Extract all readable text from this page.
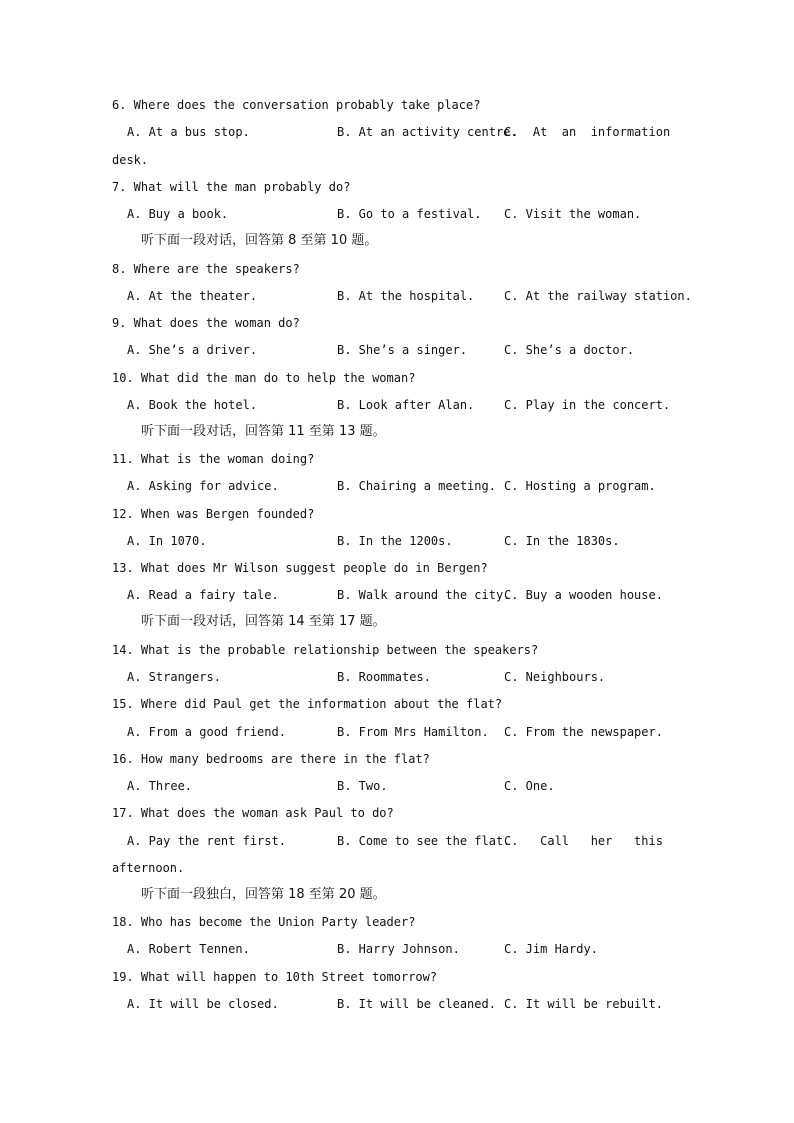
6. Where does the conversation probably take place?
A. At a bus stop.	B. At an activity centre.
C.  At  an  information
desk.
7. What will the man probably do?
A. Buy a book.	B. Go to a festival. C. Visit the woman.
听下面一段对话，回答第 8 至第 10 题。
8. Where are the speakers?
A. At the theater.	B. At the hospital. C. At the railway station.
9. What does the woman do?
A. She’s a driver.	B. She’s a singer.	C. She’s a doctor.
10. What did the man do to help the woman?
A. Book the hotel.	B. Look after Alan. C. Play in the concert.
听下面一段对话，回答第 11 至第 13 题。
11. What is the woman doing?
A. Asking for advice.	B. Chairing a meeting. C. Hosting a program.
12. When was Bergen founded?
A. In 1070.	B. In the 1200s.	C. In the 1830s.
13. What does Mr Wilson suggest people do in Bergen?
A. Read a fairy tale.	B. Walk around the city.
C. Buy a wooden house.
听下面一段对话，回答第 14 至第 17 题。
14. What is the probable relationship between the speakers?
A. Strangers.	B. Roommates.	C. Neighbours.
15. Where did Paul get the information about the flat?
A. From a good friend.	B. From Mrs Hamilton. C. From the newspaper.
16. How many bedrooms are there in the flat?
A. Three.	B. Two.	C. One.
17. What does the woman ask Paul to do?
A. Pay the rent first.	B. Come to see the flat.
C.   Call   her   this
afternoon.
听下面一段独白，回答第 18 至第 20 题。
18. Who has become the Union Party leader?
A. Robert Tennen.	B. Harry Johnson.	C. Jim Hardy.
19. What will happen to 10th Street tomorrow?
A. It will be closed.	B. It will be cleaned. C. It will be rebuilt.
